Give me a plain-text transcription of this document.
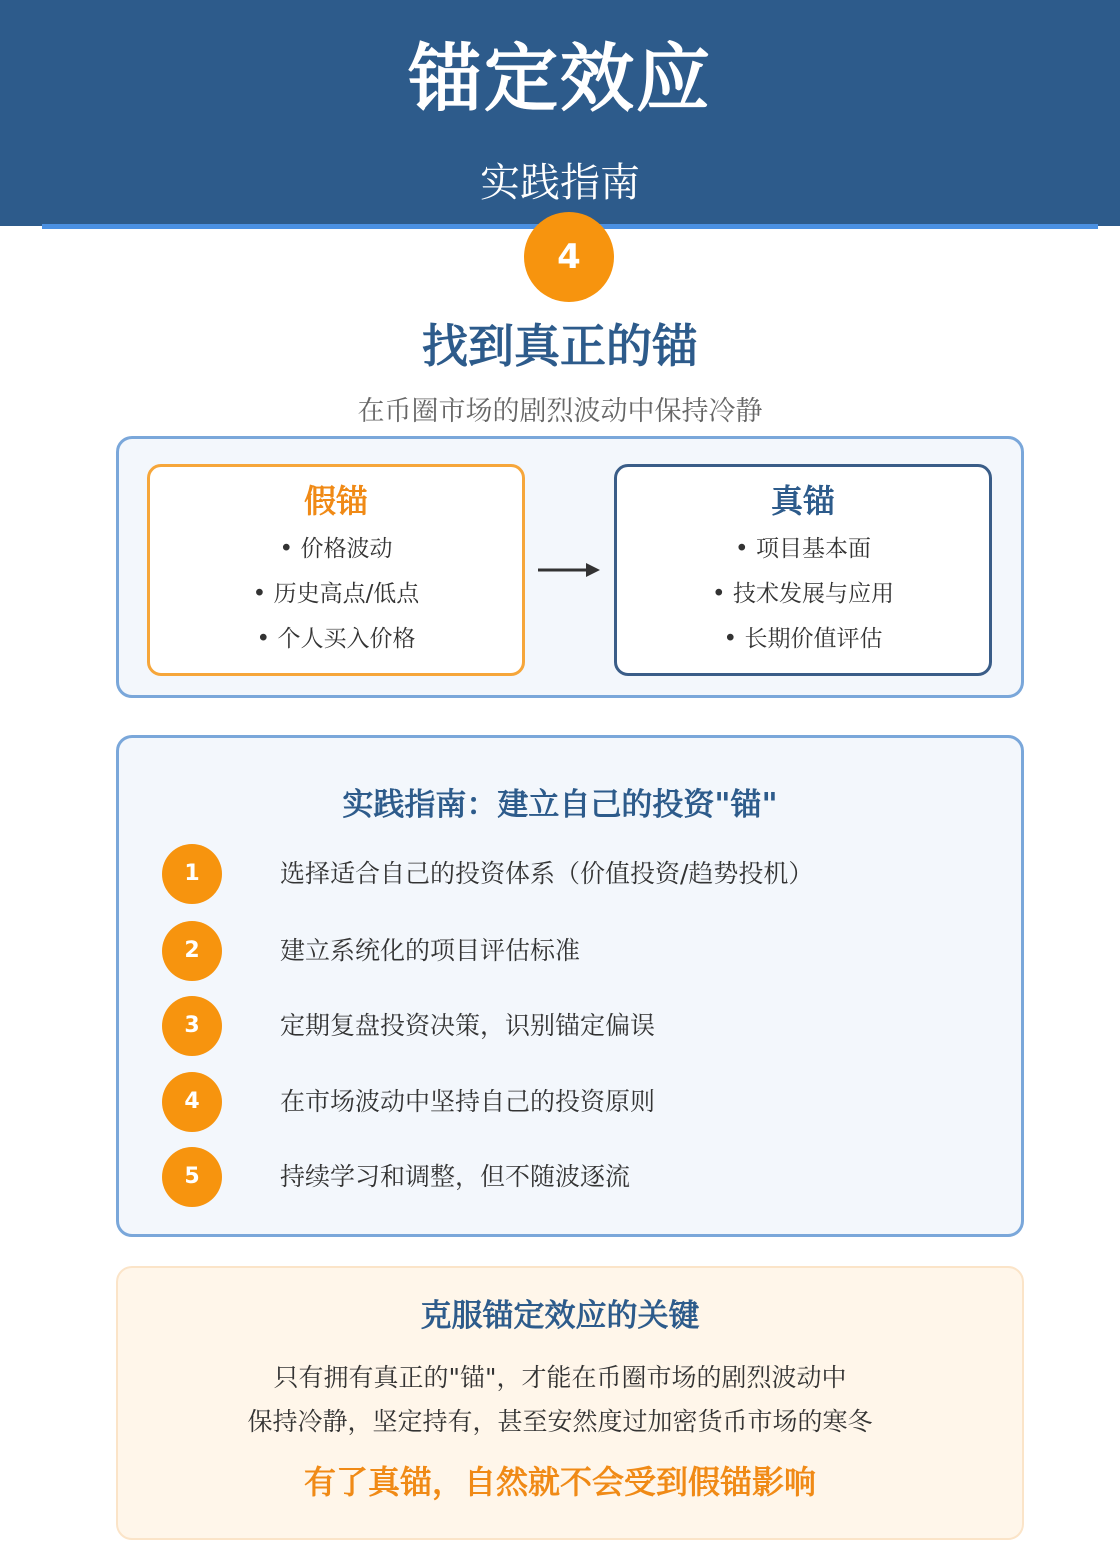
锚定效应
实践指南
4
找到真正的锚
在币圈市场的剧烈波动中保持冷静
假锚
• 价格波动
• 历史高点/低点
• 个人买入价格
真锚
• 项目基本面
• 技术发展与应用
• 长期价值评估
实践指南：建立自己的投资"锚"
1	选择适合自己的投资体系（价值投资/趋势投机）
2	建立系统化的项目评估标准
3	定期复盘投资决策，识别锚定偏误
4	在市场波动中坚持自己的投资原则
5	持续学习和调整，但不随波逐流
克服锚定效应的关键
只有拥有真正的"锚"，才能在币圈市场的剧烈波动中
保持冷静，坚定持有，甚至安然度过加密货币市场的寒冬
有了真锚，自然就不会受到假锚影响
